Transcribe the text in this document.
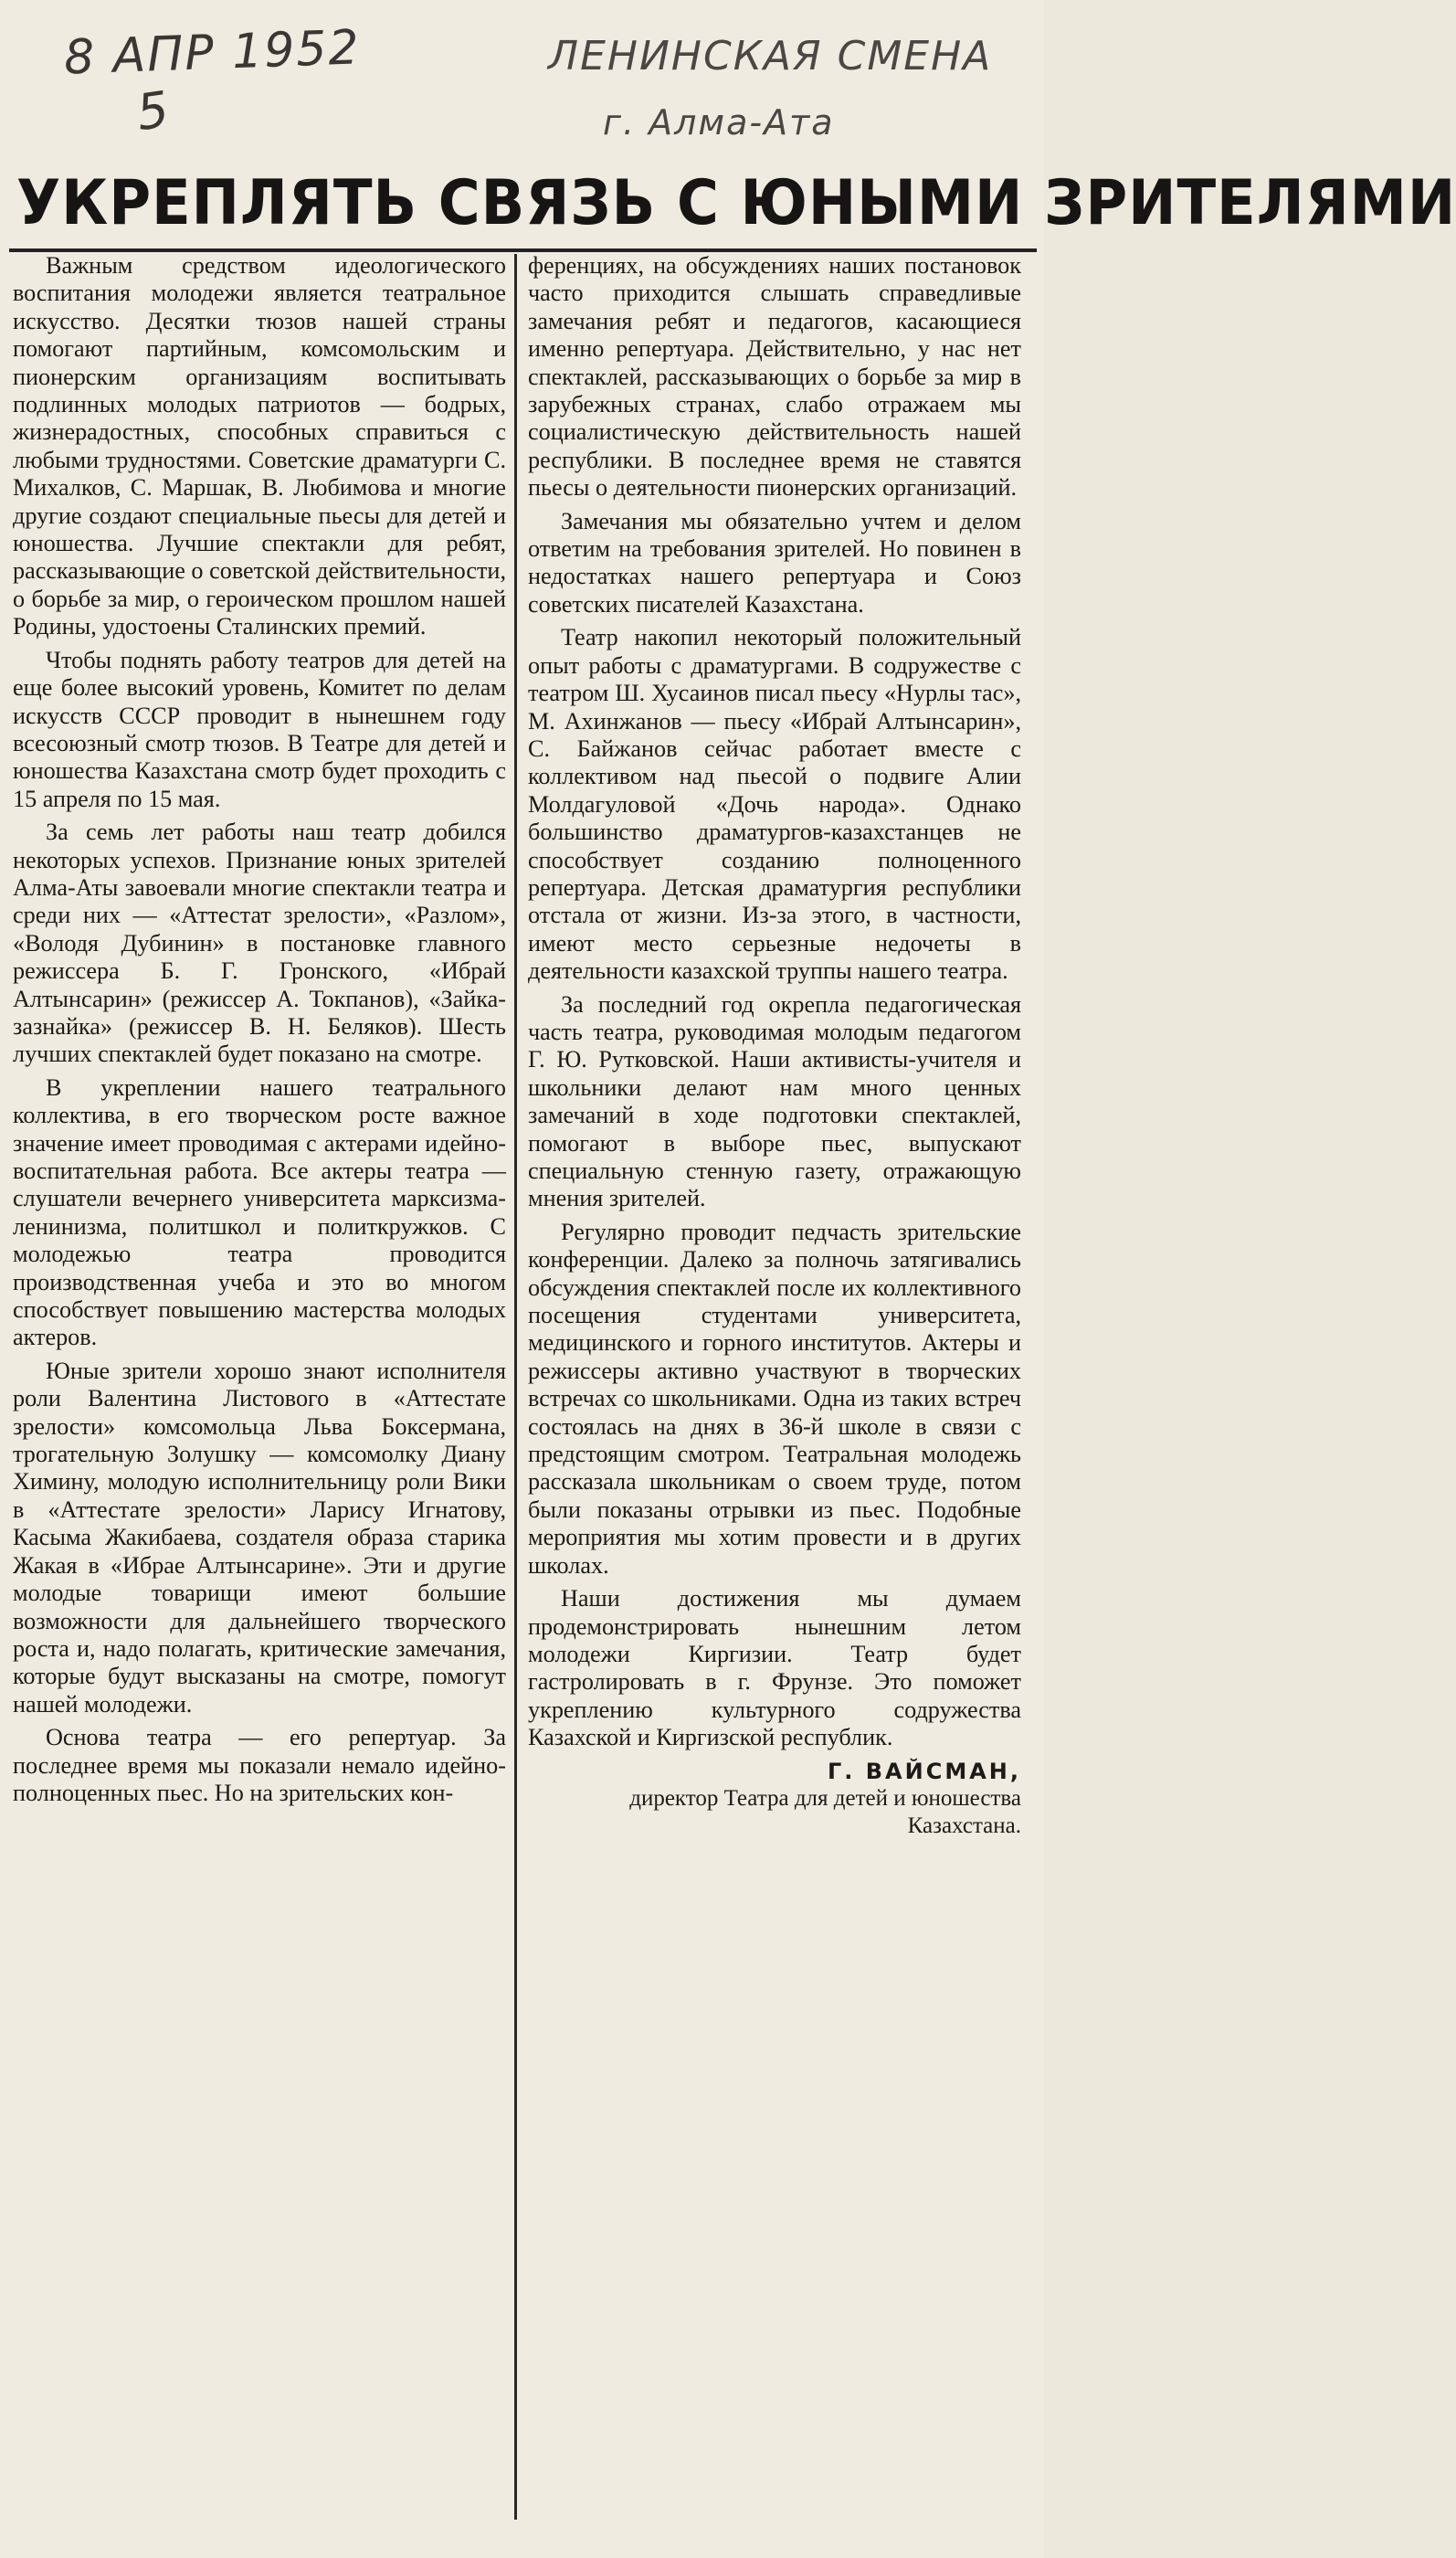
8 АПР 1952
5
ЛЕНИНСКАЯ СМЕНА
г. Алма-Ата
УКРЕПЛЯТЬ СВЯЗЬ С ЮНЫМИ ЗРИТЕЛЯМИ

Важным средством идеологического воспитания молодежи является театральное искусство. Десятки тюзов нашей страны помогают партийным, комсомольским и пионерским организациям воспитывать подлинных молодых патриотов — бодрых, жизнерадостных, способных справиться с любыми трудностями. Советские драматурги С. Михалков, С. Маршак, В. Любимова и многие другие создают специальные пьесы для детей и юношества. Лучшие спектакли для ребят, рассказывающие о советской действительности, о борьбе за мир, о героическом прошлом нашей Родины, удостоены Сталинских премий.

Чтобы поднять работу театров для детей на еще более высокий уровень, Комитет по делам искусств СССР проводит в нынешнем году всесоюзный смотр тюзов. В Театре для детей и юношества Казахстана смотр будет проходить с 15 апреля по 15 мая.

За семь лет работы наш театр добился некоторых успехов. Признание юных зрителей Алма-Аты завоевали многие спектакли театра и среди них — «Аттестат зрелости», «Разлом», «Володя Дубинин» в постановке главного режиссера Б. Г. Гронского, «Ибрай Алтынсарин» (режиссер А. Токпанов), «Зайка-зазнайка» (режиссер В. Н. Беляков). Шесть лучших спектаклей будет показано на смотре.

В укреплении нашего театрального коллектива, в его творческом росте важное значение имеет проводимая с актерами идейно-воспитательная работа. Все актеры театра — слушатели вечернего университета марксизма-ленинизма, политшкол и политкружков. С молодежью театра проводится производственная учеба и это во многом способствует повышению мастерства молодых актеров.

Юные зрители хорошо знают исполнителя роли Валентина Листового в «Аттестате зрелости» комсомольца Льва Боксермана, трогательную Золушку — комсомолку Диану Химину, молодую исполнительницу роли Вики в «Аттестате зрелости» Ларису Игнатову, Касыма Жакибаева, создателя образа старика Жакая в «Ибрае Алтынсарине». Эти и другие молодые товарищи имеют большие возможности для дальнейшего творческого роста и, надо полагать, критические замечания, которые будут высказаны на смотре, помогут нашей молодежи.

Основа театра — его репертуар. За последнее время мы показали немало идейно-полноценных пьес. Но на зрительских кон-

ференциях, на обсуждениях наших постановок часто приходится слышать справедливые замечания ребят и педагогов, касающиеся именно репертуара. Действительно, у нас нет спектаклей, рассказывающих о борьбе за мир в зарубежных странах, слабо отражаем мы социалистическую действительность нашей республики. В последнее время не ставятся пьесы о деятельности пионерских организаций.

Замечания мы обязательно учтем и делом ответим на требования зрителей. Но повинен в недостатках нашего репертуара и Союз советских писателей Казахстана.

Театр накопил некоторый положительный опыт работы с драматургами. В содружестве с театром Ш. Хусаинов писал пьесу «Нурлы тас», М. Ахинжанов — пьесу «Ибрай Алтынсарин», С. Байжанов сейчас работает вместе с коллективом над пьесой о подвиге Алии Молдагуловой «Дочь народа». Однако большинство драматургов-казахстанцев не способствует созданию полноценного репертуара. Детская драматургия республики отстала от жизни. Из-за этого, в частности, имеют место серьезные недочеты в деятельности казахской труппы нашего театра.

За последний год окрепла педагогическая часть театра, руководимая молодым педагогом Г. Ю. Рутковской. Наши активисты-учителя и школьники делают нам много ценных замечаний в ходе подготовки спектаклей, помогают в выборе пьес, выпускают специальную стенную газету, отражающую мнения зрителей.

Регулярно проводит педчасть зрительские конференции. Далеко за полночь затягивались обсуждения спектаклей после их коллективного посещения студентами университета, медицинского и горного институтов. Актеры и режиссеры активно участвуют в творческих встречах со школьниками. Одна из таких встреч состоялась на днях в 36-й школе в связи с предстоящим смотром. Театральная молодежь рассказала школьникам о своем труде, потом были показаны отрывки из пьес. Подобные мероприятия мы хотим провести и в других школах.

Наши достижения мы думаем продемонстрировать нынешним летом молодежи Киргизии. Театр будет гастролировать в г. Фрунзе. Это поможет укреплению культурного содружества Казахской и Киргизской республик.

Г. ВАЙСМАН,

директор Театра для детей и юношества Казахстана.
